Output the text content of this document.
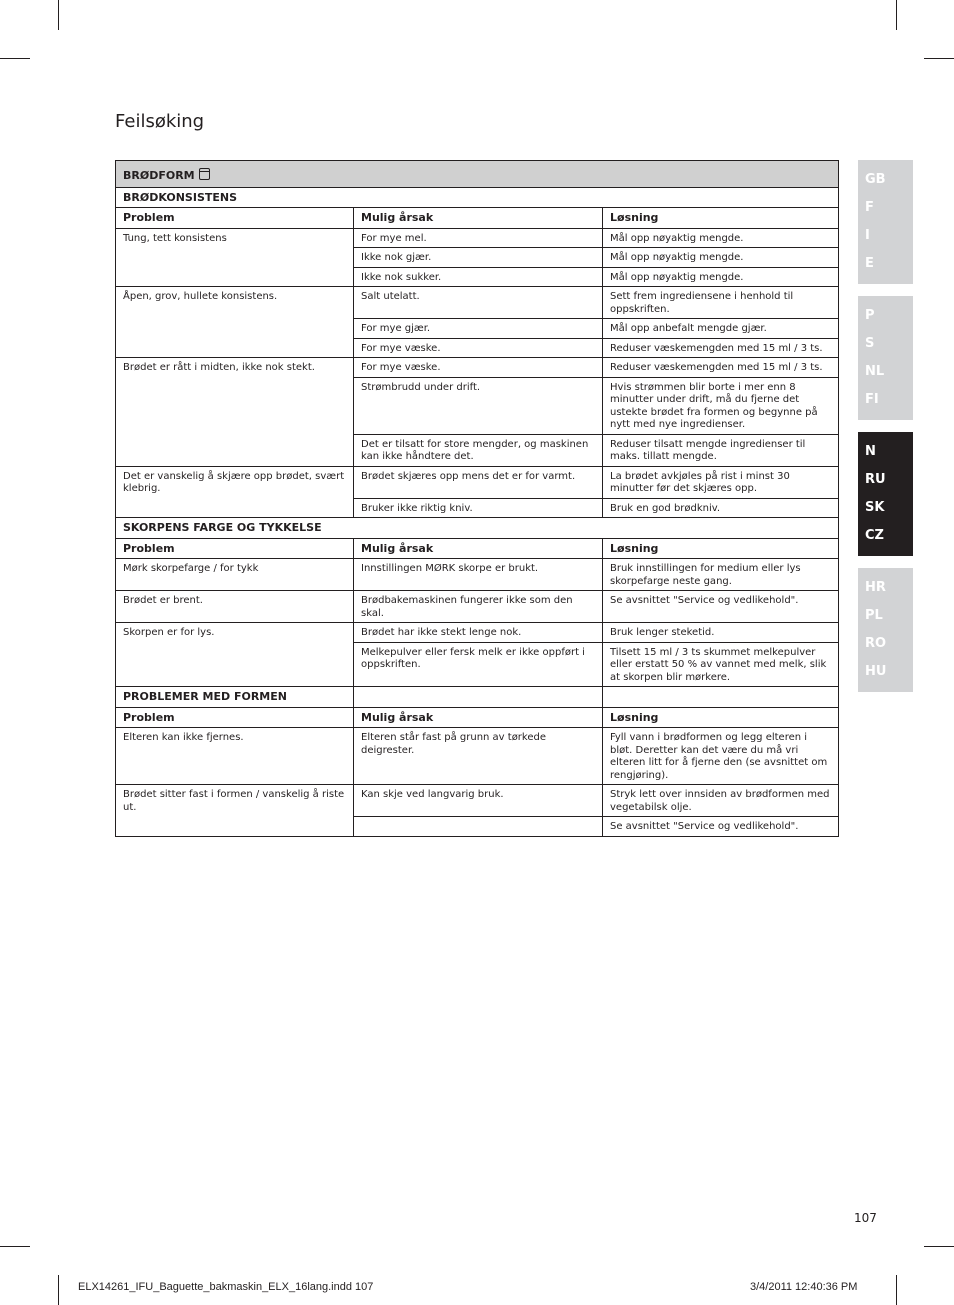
Feilsøking
BRØDFORM		
BRØDKONSISTENS		
Problem	Mulig årsak	Løsning
Tung, tett konsistens	For mye mel.	Mål opp nøyaktig mengde.
	Ikke nok gjær.	Mål opp nøyaktig mengde.
	Ikke nok sukker.	Mål opp nøyaktig mengde.
Åpen, grov, hullete konsistens.	Salt utelatt.	Sett frem ingrediensene i henhold til oppskriften.
	For mye gjær.	Mål opp anbefalt mengde gjær.
	For mye væske.	Reduser væskemengden med 15 ml / 3 ts.
Brødet er rått i midten, ikke nok stekt.	For mye væske.	Reduser væskemengden med 15 ml / 3 ts.
	Strømbrudd under drift.	Hvis strømmen blir borte i mer enn 8 minutter under drift, må du fjerne det ustekte brødet fra formen og begynne på nytt med nye ingredienser.
	Det er tilsatt for store mengder, og maskinen kan ikke håndtere det.	Reduser tilsatt mengde ingredienser til maks. tillatt mengde.
Det er vanskelig å skjære opp brødet, svært klebrig.	Brødet skjæres opp mens det er for varmt.	La brødet avkjøles på rist i minst 30 minutter før det skjæres opp.
	Bruker ikke riktig kniv.	Bruk en god brødkniv.
SKORPENS FARGE OG TYKKELSE		
Problem	Mulig årsak	Løsning
Mørk skorpefarge / for tykk	Innstillingen MØRK skorpe er brukt.	Bruk innstillingen for medium eller lys skorpefarge neste gang.
Brødet er brent.	Brødbakemaskinen fungerer ikke som den skal.	Se avsnittet "Service og vedlikehold".
Skorpen er for lys.	Brødet har ikke stekt lenge nok.	Bruk lenger steketid.
	Melkepulver eller fersk melk er ikke oppført i oppskriften.	Tilsett 15 ml / 3 ts skummet melkepulver eller erstatt 50 % av vannet med melk, slik at skorpen blir mørkere.
PROBLEMER MED FORMEN		
Problem	Mulig årsak	Løsning
Elteren kan ikke fjernes.	Elteren står fast på grunn av tørkede deigrester.	Fyll vann i brødformen og legg elteren i bløt. Deretter kan det være du må vri elteren litt for å fjerne den (se avsnittet om rengjøring).
Brødet sitter fast i formen / vanskelig å riste ut.	Kan skje ved langvarig bruk.	Stryk lett over innsiden av brødformen med vegetabilsk olje.
		Se avsnittet "Service og vedlikehold".
GB
F
I
E
P
S
NL
FI
N
RU
SK
CZ
HR
PL
RO
HU
107
ELX14261_IFU_Baguette_bakmaskin_ELX_16lang.indd 107	3/4/2011 12:40:36 PM
